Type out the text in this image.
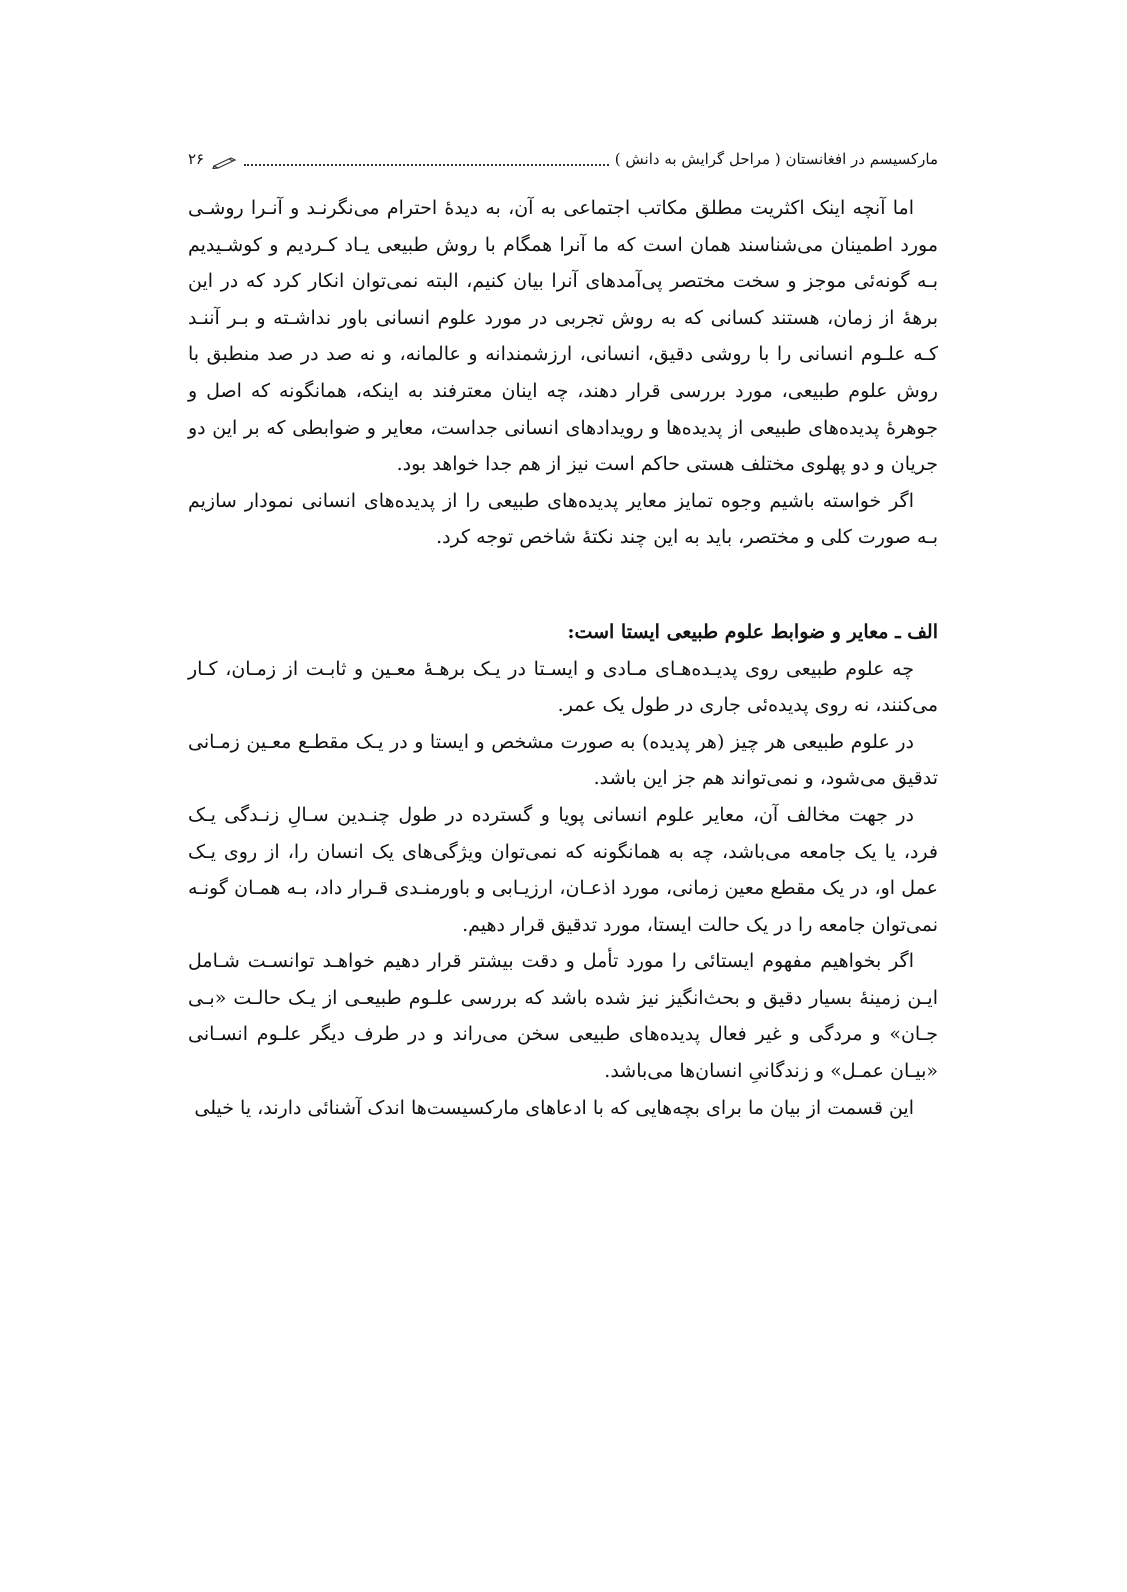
مارکسیسم در افغانستان ( مراحل گرایش به دانش )
۲۶

اما آنچه اینک اکثریت مطلق مکاتب اجتماعی به آن، به دیدهٔ احترام می‌نگرنـد و آنـرا روشـی مورد اطمینان می‌شناسند همان است که ما آنرا همگام با روش طبیعی یـاد کـردیم و کوشـیدیم بـه گونه‌ئی موجز و سخت مختصر پی‌آمدهای آنرا بیان کنیم، البته نمی‌توان انکار کرد که در این برههٔ از زمان، هستند کسانی که به روش تجربی در مورد علوم انسانی باور نداشـته و بـر آننـد کـه علـوم انسانی را با روشی دقیق، انسانی، ارزشمندانه و عالمانه، و نه صد در صد منطبق با روش علوم طبیعی، مورد بررسی قرار دهند، چه اینان معترفند به اینکه، همانگونه که اصل و جوهرهٔ پدیده‌های طبیعی از پدیده‌ها و رویدادهای انسانی جداست، معایر و ضوابطی که بر این دو جریان و دو پهلوی مختلف هستی حاکم است نیز از هم جدا خواهد بود.

اگر خواسته باشیم وجوه تمایز معایر پدیده‌های طبیعی را از پدیده‌های انسانی نمودار سازیم بـه صورت کلی و مختصر، باید به این چند نکتهٔ شاخص توجه کرد.

الف ـ معایر و ضوابط علوم طبیعی ایستا است:

چه علوم طبیعی روی پدیـده‌هـای مـادی و ایسـتا در یـک برهـهٔ معـین و ثابـت از زمـان، کـار می‌کنند، نه روی پدیده‌ئی جاری در طول یک عمر.

در علوم طبیعی هر چیز (هر پدیده) به صورت مشخص و ایستا و در یـک مقطـع معـین زمـانی تدقیق می‌شود، و نمی‌تواند هم جز این باشد.

در جهت مخالف آن، معایر علوم انسانی پویا و گسترده در طول چنـدین سـالِ زنـدگی یـک فرد، یا یک جامعه می‌باشد، چه به همانگونه که نمی‌توان ویژگی‌های یک انسان را، از روی یـک عمل او، در یک مقطع معین زمانی، مورد اذعـان، ارزیـابی و باورمنـدی قـرار داد، بـه همـان گونـه نمی‌توان جامعه را در یک حالت ایستا، مورد تدقیق قرار دهیم.

اگر بخواهیم مفهوم ایستائی را مورد تأمل و دقت بیشتر قرار دهیم خواهـد توانسـت شـامل ایـن زمینهٔ بسیار دقیق و بحث‌انگیز نیز شده باشد که بررسی علـوم طبیعـی از یـک حالـت «بـی جـان» و مردگی و غیر فعال پدیده‌های طبیعی سخن می‌راند و در طرف دیگر علـوم انسـانی «بیـان عمـل» و زندگانیِ انسان‌ها می‌باشد.

این قسمت از بیان ما برای بچه‌هایی که با ادعاهای مارکسیست‌ها اندک آشنائی دارند، یا خیلی
